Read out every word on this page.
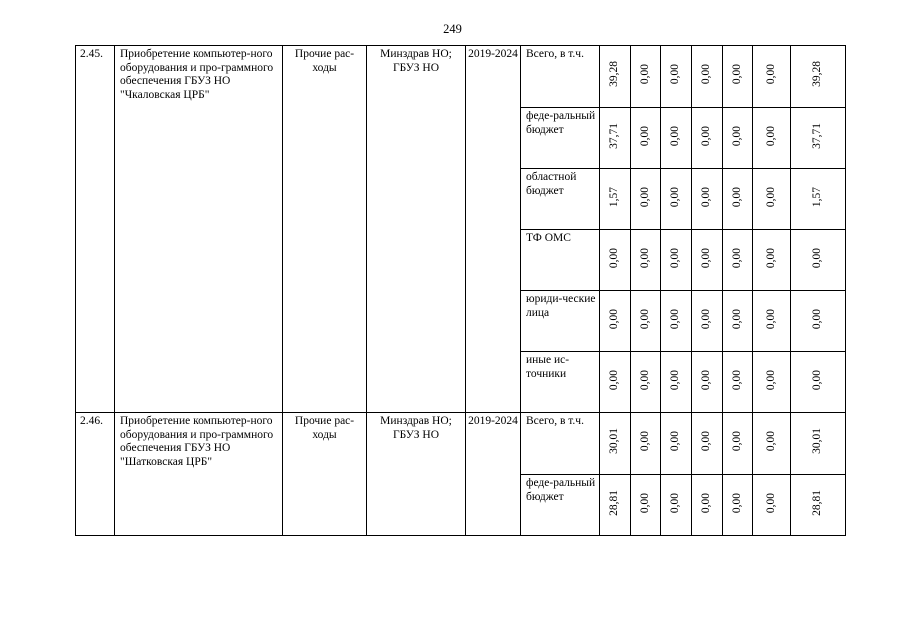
249
2.45.	Приобретение компьютер-ного оборудования и про-граммного обеспечения ГБУЗ НО "Чкаловская ЦРБ"	Прочие рас-ходы	Минздрав НО; ГБУЗ НО	2019-2024	Всего, в т.ч.	39,28	0,00	0,00	0,00	0,00	0,00	39,28
					феде-ральный бюджет	37,71	0,00	0,00	0,00	0,00	0,00	37,71
					областной бюджет	1,57	0,00	0,00	0,00	0,00	0,00	1,57
					ТФ ОМС	0,00	0,00	0,00	0,00	0,00	0,00	0,00
					юриди-ческие лица	0,00	0,00	0,00	0,00	0,00	0,00	0,00
					иные ис-точники	0,00	0,00	0,00	0,00	0,00	0,00	0,00
2.46.	Приобретение компьютер-ного оборудования и про-граммного обеспечения ГБУЗ НО "Шатковская ЦРБ"	Прочие рас-ходы	Минздрав НО; ГБУЗ НО	2019-2024	Всего, в т.ч.	30,01	0,00	0,00	0,00	0,00	0,00	30,01
					феде-ральный бюджет	28,81	0,00	0,00	0,00	0,00	0,00	28,81
